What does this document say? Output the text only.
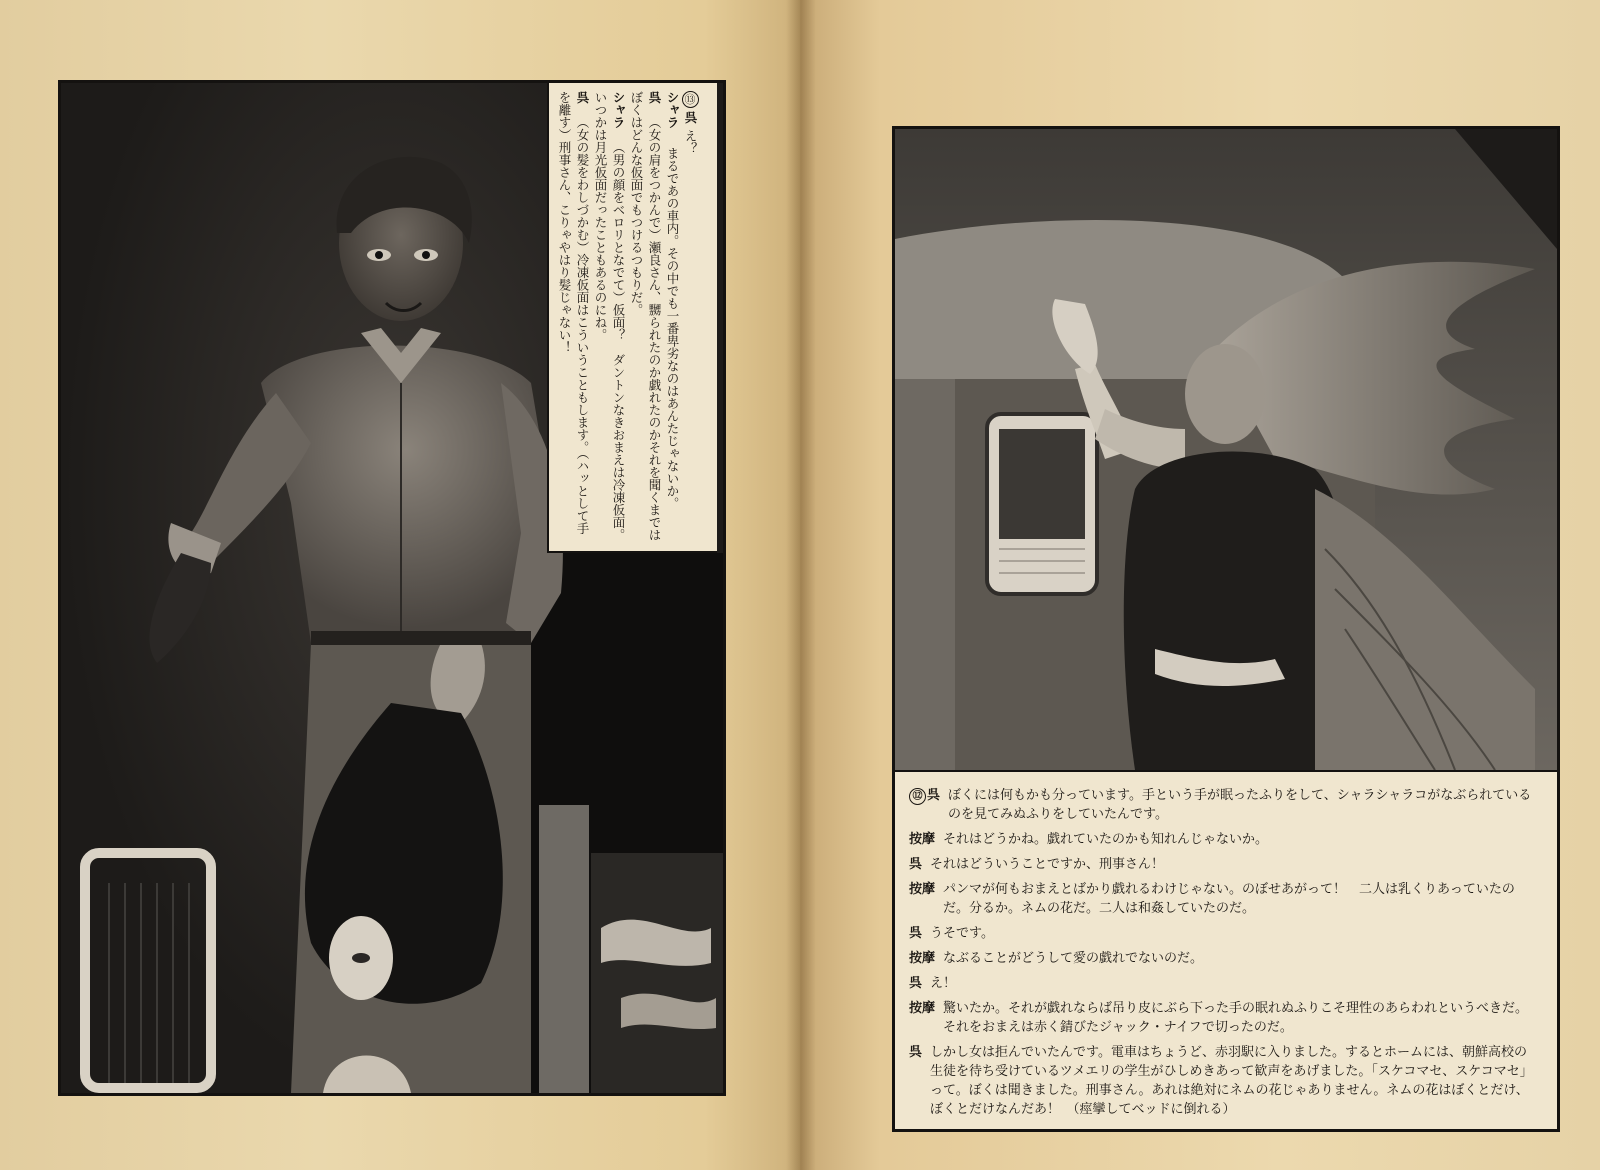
⑬呉え？
シャラ　まるであの車内。その中でも一番卑劣なのはあんたじゃないか。
呉　（女の肩をつかんで）瀬良さん、嬲られたのか戯れたのかそれを聞くまではぼくはどんな仮面でもつけるつもりだ。
シャラ　（男の顔をベロリとなでて）仮面？　ダントンなきおまえは冷凍仮面。いつかは月光仮面だったこともあるのにね。
呉　（女の髪をわしづかむ）冷凍仮面はこういうこともします。（ハッとして手を離す）刑事さん、こりゃやはり髪じゃない！
⑫ 呉 ぼくには何もかも分っています。手という手が眠ったふりをして、シャラシャラコがなぶられているのを見てみぬふりをしていたんです。
按摩 それはどうかね。戯れていたのかも知れんじゃないか。
呉 それはどういうことですか、刑事さん！
按摩 パンマが何もおまえとばかり戯れるわけじゃない。のぼせあがって！　二人は乳くりあっていたのだ。分るか。ネムの花だ。二人は和姦していたのだ。
呉 うそです。
按摩 なぶることがどうして愛の戯れでないのだ。
呉 え！
按摩 驚いたか。それが戯れならば吊り皮にぶら下った手の眠れぬふりこそ理性のあらわれというべきだ。それをおまえは赤く錆びたジャック・ナイフで切ったのだ。
呉 しかし女は拒んでいたんです。電車はちょうど、赤羽駅に入りました。するとホームには、朝鮮高校の生徒を待ち受けているツメエリの学生がひしめきあって歓声をあげました。「スケコマセ、スケコマセ」って。ぼくは聞きました。刑事さん。あれは絶対にネムの花じゃありません。ネムの花はぼくとだけ、ぼくとだけなんだあ！　（痙攣してベッドに倒れる）
